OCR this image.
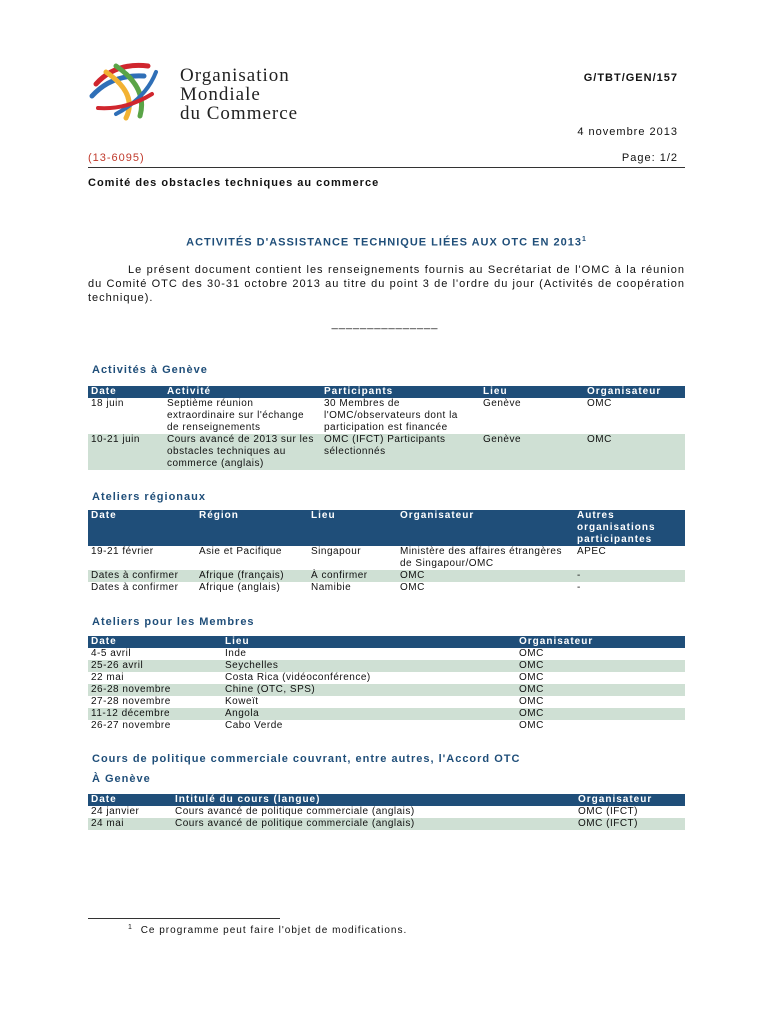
Organisation
Mondiale
du Commerce
G/TBT/GEN/157
4 novembre 2013
(13-6095)	Page: 1/2
Comité des obstacles techniques au commerce
ACTIVITÉS D'ASSISTANCE TECHNIQUE LIÉES AUX OTC EN 2013$^1$
Le présent document contient les renseignements fournis au Secrétariat de l'OMC à la réunion du Comité OTC des 30-31 octobre 2013 au titre du point 3 de l'ordre du jour (Activités de coopération technique).
_______________
Activités à Genève
Date	Activité	Participants	Lieu	Organisateur
18 juin	Septième réunion extraordinaire sur l'échange de renseignements	30 Membres de l'OMC/observateurs dont la participation est financée	Genève	OMC
10-21 juin	Cours avancé de 2013 sur les obstacles techniques au commerce (anglais)	OMC (IFCT) Participants sélectionnés	Genève	OMC
Ateliers régionaux
Date	Région	Lieu	Organisateur	Autres organisations participantes
19-21 février	Asie et Pacifique	Singapour	Ministère des affaires étrangères de Singapour/OMC	APEC
Dates à confirmer	Afrique (français)	À confirmer	OMC	-
Dates à confirmer	Afrique (anglais)	Namibie	OMC	-
Ateliers pour les Membres
Date	Lieu	Organisateur
4-5 avril	Inde	OMC
25-26 avril	Seychelles	OMC
22 mai	Costa Rica (vidéoconférence)	OMC
26-28 novembre	Chine (OTC, SPS)	OMC
27-28 novembre	Koweït	OMC
11-12 décembre	Angola	OMC
26-27 novembre	Cabo Verde	OMC
Cours de politique commerciale couvrant, entre autres, l'Accord OTC
À Genève
Date	Intitulé du cours (langue)	Organisateur
24 janvier	Cours avancé de politique commerciale (anglais)	OMC (IFCT)
24 mai	Cours avancé de politique commerciale (anglais)	OMC (IFCT)
$^1$ Ce programme peut faire l'objet de modifications.
